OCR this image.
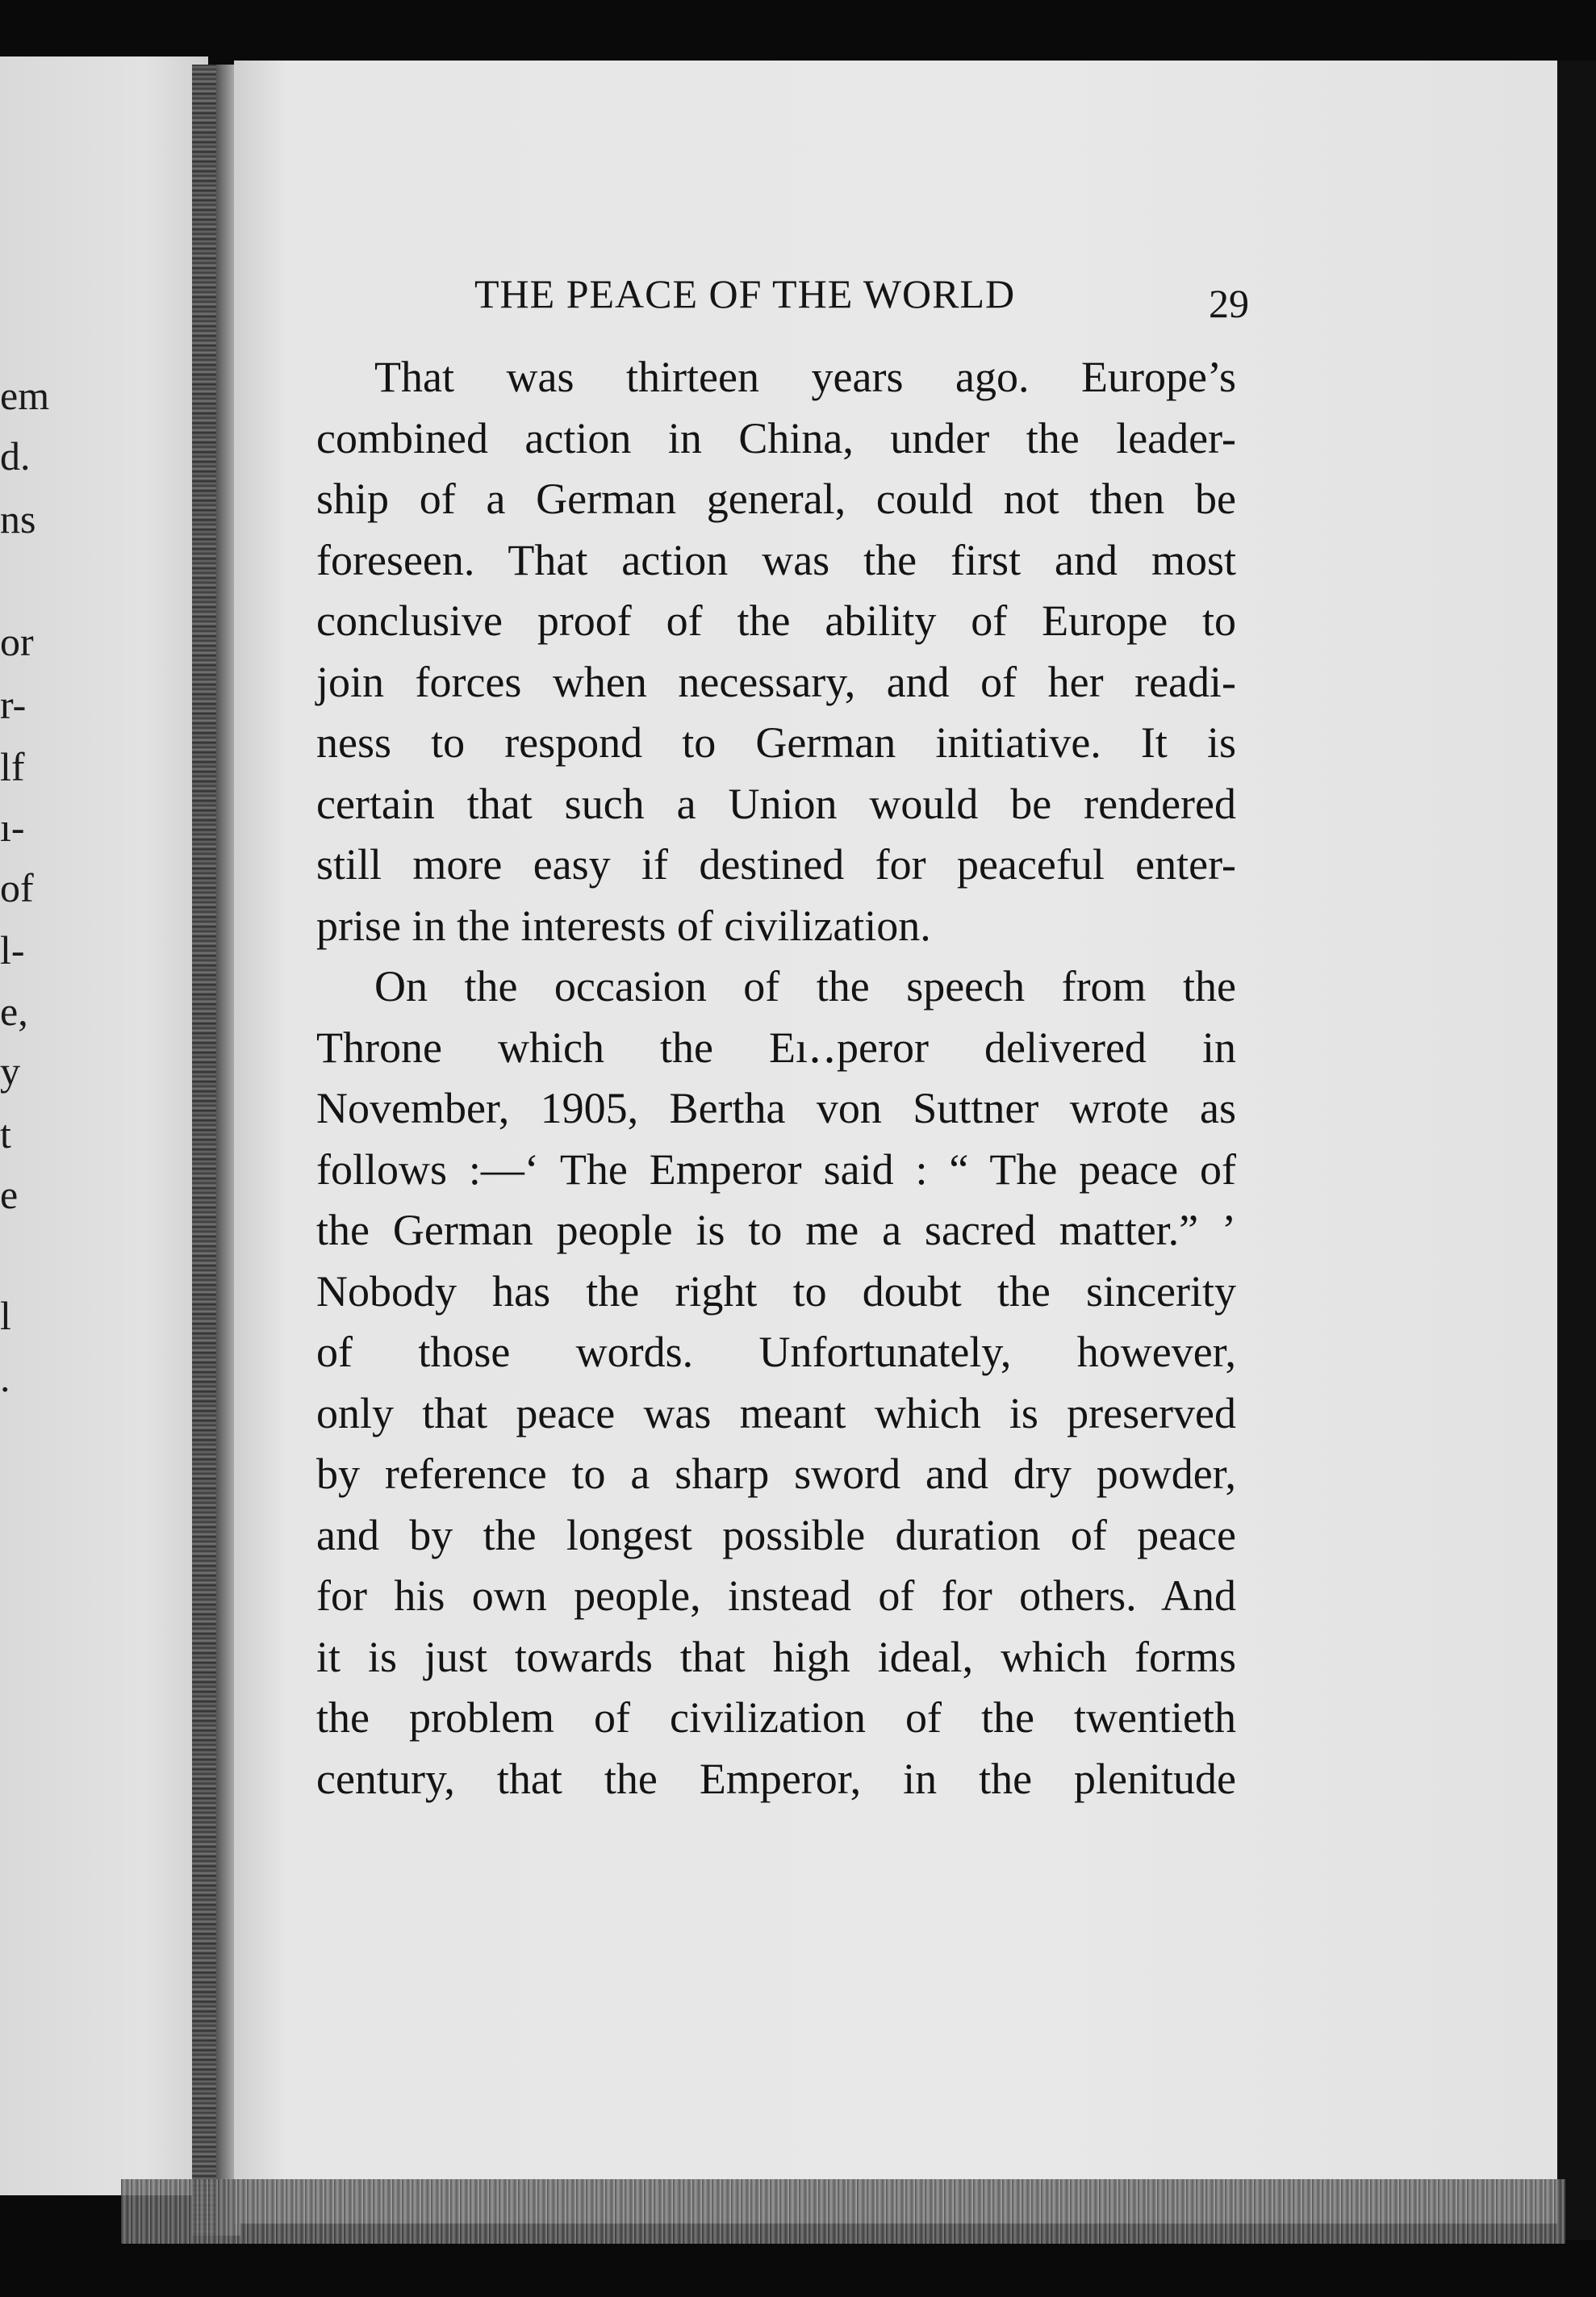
em
d.
ns
or
r-
lf
ı-
of
l-
e,
y
t
e
l
.
THE PEACE OF THE WORLD	29
That was thirteen years ago. Europe’s
combined action in China, under the leader-
ship of a German general, could not then be
foreseen. That action was the first and most
conclusive proof of the ability of Europe to
join forces when necessary, and of her readi-
ness to respond to German initiative. It is
certain that such a Union would be rendered
still more easy if destined for peaceful enter-
prise in the interests of civilization.
On the occasion of the speech from the
Throne which the Eı‥peror delivered in
November, 1905, Bertha von Suttner wrote as
follows :—‘ The Emperor said : “ The peace of
the German people is to me a sacred matter.” ’
Nobody has the right to doubt the sincerity
of those words. Unfortunately, however,
only that peace was meant which is preserved
by reference to a sharp sword and dry powder,
and by the longest possible duration of peace
for his own people, instead of for others. And
it is just towards that high ideal, which forms
the problem of civilization of the twentieth
century, that the Emperor, in the plenitude
